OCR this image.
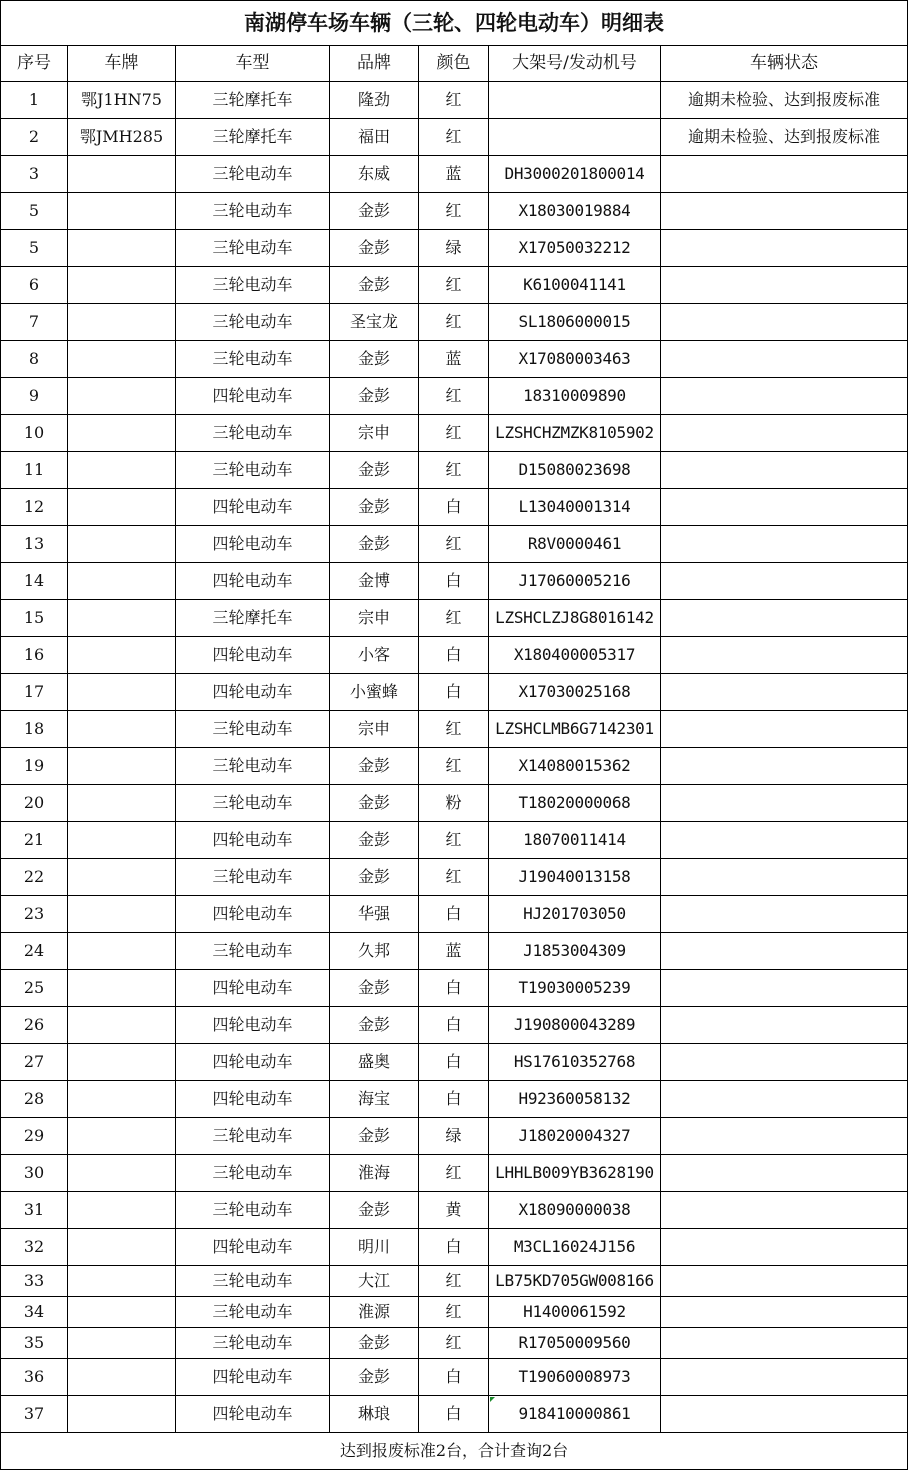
南湖停车场车辆（三轮、四轮电动车）明细表						
序号	车牌	车型	品牌	颜色	大架号/发动机号	车辆状态
1	鄂J1HN75	三轮摩托车	隆劲	红		逾期未检验、达到报废标准
2	鄂JMH285	三轮摩托车	福田	红		逾期未检验、达到报废标准
3		三轮电动车	东威	蓝	DH3000201800014	
5		三轮电动车	金彭	红	X18030019884	
5		三轮电动车	金彭	绿	X17050032212	
6		三轮电动车	金彭	红	K6100041141	
7		三轮电动车	圣宝龙	红	SL1806000015	
8		三轮电动车	金彭	蓝	X17080003463	
9		四轮电动车	金彭	红	18310009890	
10		三轮电动车	宗申	红	LZSHCHZMZK8105902	
11		三轮电动车	金彭	红	D15080023698	
12		四轮电动车	金彭	白	L13040001314	
13		四轮电动车	金彭	红	R8V0000461	
14		四轮电动车	金博	白	J17060005216	
15		三轮摩托车	宗申	红	LZSHCLZJ8G8016142	
16		四轮电动车	小客	白	X180400005317	
17		四轮电动车	小蜜蜂	白	X17030025168	
18		三轮电动车	宗申	红	LZSHCLMB6G7142301	
19		三轮电动车	金彭	红	X14080015362	
20		三轮电动车	金彭	粉	T18020000068	
21		四轮电动车	金彭	红	18070011414	
22		三轮电动车	金彭	红	J19040013158	
23		四轮电动车	华强	白	HJ201703050	
24		三轮电动车	久邦	蓝	J1853004309	
25		四轮电动车	金彭	白	T19030005239	
26		四轮电动车	金彭	白	J190800043289	
27		四轮电动车	盛奥	白	HS17610352768	
28		四轮电动车	海宝	白	H92360058132	
29		三轮电动车	金彭	绿	J18020004327	
30		三轮电动车	淮海	红	LHHLB009YB3628190	
31		三轮电动车	金彭	黄	X18090000038	
32		四轮电动车	明川	白	M3CL16024J156	
33		三轮电动车	大江	红	LB75KD705GW008166	
34		三轮电动车	淮源	红	H1400061592	
35		三轮电动车	金彭	红	R17050009560	
36		四轮电动车	金彭	白	T19060008973	
37		四轮电动车	琳琅	白	918410000861	
达到报废标准2台，合计查询2台						
